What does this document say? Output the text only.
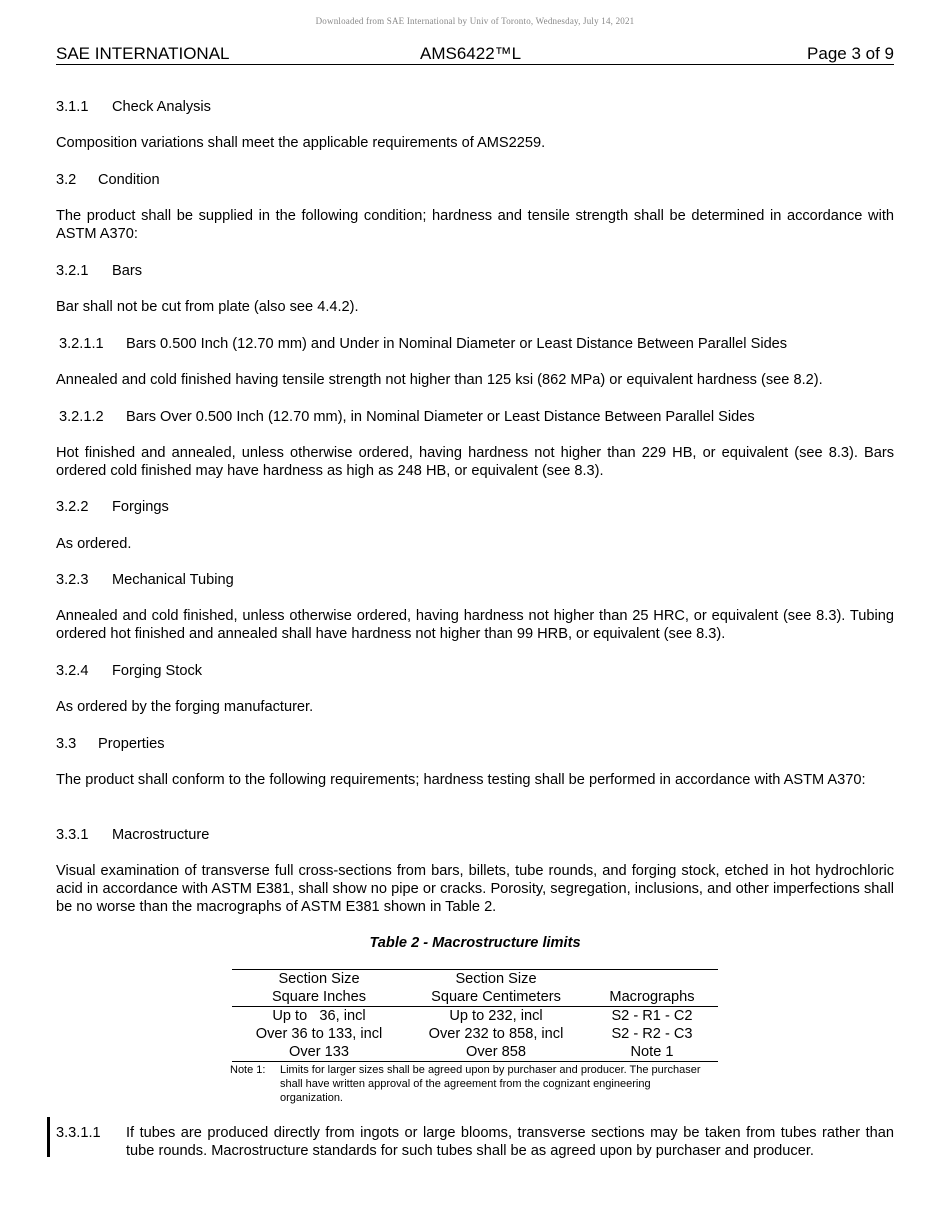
Downloaded from SAE International by Univ of Toronto, Wednesday, July 14, 2021
SAE INTERNATIONAL	AMS6422™L	Page 3 of 9
3.1.1 Check Analysis
Composition variations shall meet the applicable requirements of AMS2259.
3.2 Condition
The product shall be supplied in the following condition; hardness and tensile strength shall be determined in accordance with ASTM A370:
3.2.1 Bars
Bar shall not be cut from plate (also see 4.4.2).
3.2.1.1 Bars 0.500 Inch (12.70 mm) and Under in Nominal Diameter or Least Distance Between Parallel Sides
Annealed and cold finished having tensile strength not higher than 125 ksi (862 MPa) or equivalent hardness (see 8.2).
3.2.1.2 Bars Over 0.500 Inch (12.70 mm), in Nominal Diameter or Least Distance Between Parallel Sides
Hot finished and annealed, unless otherwise ordered, having hardness not higher than 229 HB, or equivalent (see 8.3). Bars ordered cold finished may have hardness as high as 248 HB, or equivalent (see 8.3).
3.2.2 Forgings
As ordered.
3.2.3 Mechanical Tubing
Annealed and cold finished, unless otherwise ordered, having hardness not higher than 25 HRC, or equivalent (see 8.3). Tubing ordered hot finished and annealed shall have hardness not higher than 99 HRB, or equivalent (see 8.3).
3.2.4 Forging Stock
As ordered by the forging manufacturer.
3.3 Properties
The product shall conform to the following requirements; hardness testing shall be performed in accordance with ASTM A370:
3.3.1 Macrostructure
Visual examination of transverse full cross-sections from bars, billets, tube rounds, and forging stock, etched in hot hydrochloric acid in accordance with ASTM E381, shall show no pipe or cracks. Porosity, segregation, inclusions, and other imperfections shall be no worse than the macrographs of ASTM E381 shown in Table 2.
Table 2 - Macrostructure limits
Section Size	Section Size	
Square Inches	Square Centimeters	Macrographs
Up to   36, incl	Up to 232, incl	S2 - R1 - C2
Over 36 to 133, incl	Over 232 to 858, incl	S2 - R2 - C3
Over 133	Over 858	Note 1
Note 1: Limits for larger sizes shall be agreed upon by purchaser and producer. The purchaser shall have written approval of the agreement from the cognizant engineering organization.
3.3.1.1 If tubes are produced directly from ingots or large blooms, transverse sections may be taken from tubes rather than tube rounds. Macrostructure standards for such tubes shall be as agreed upon by purchaser and producer.
